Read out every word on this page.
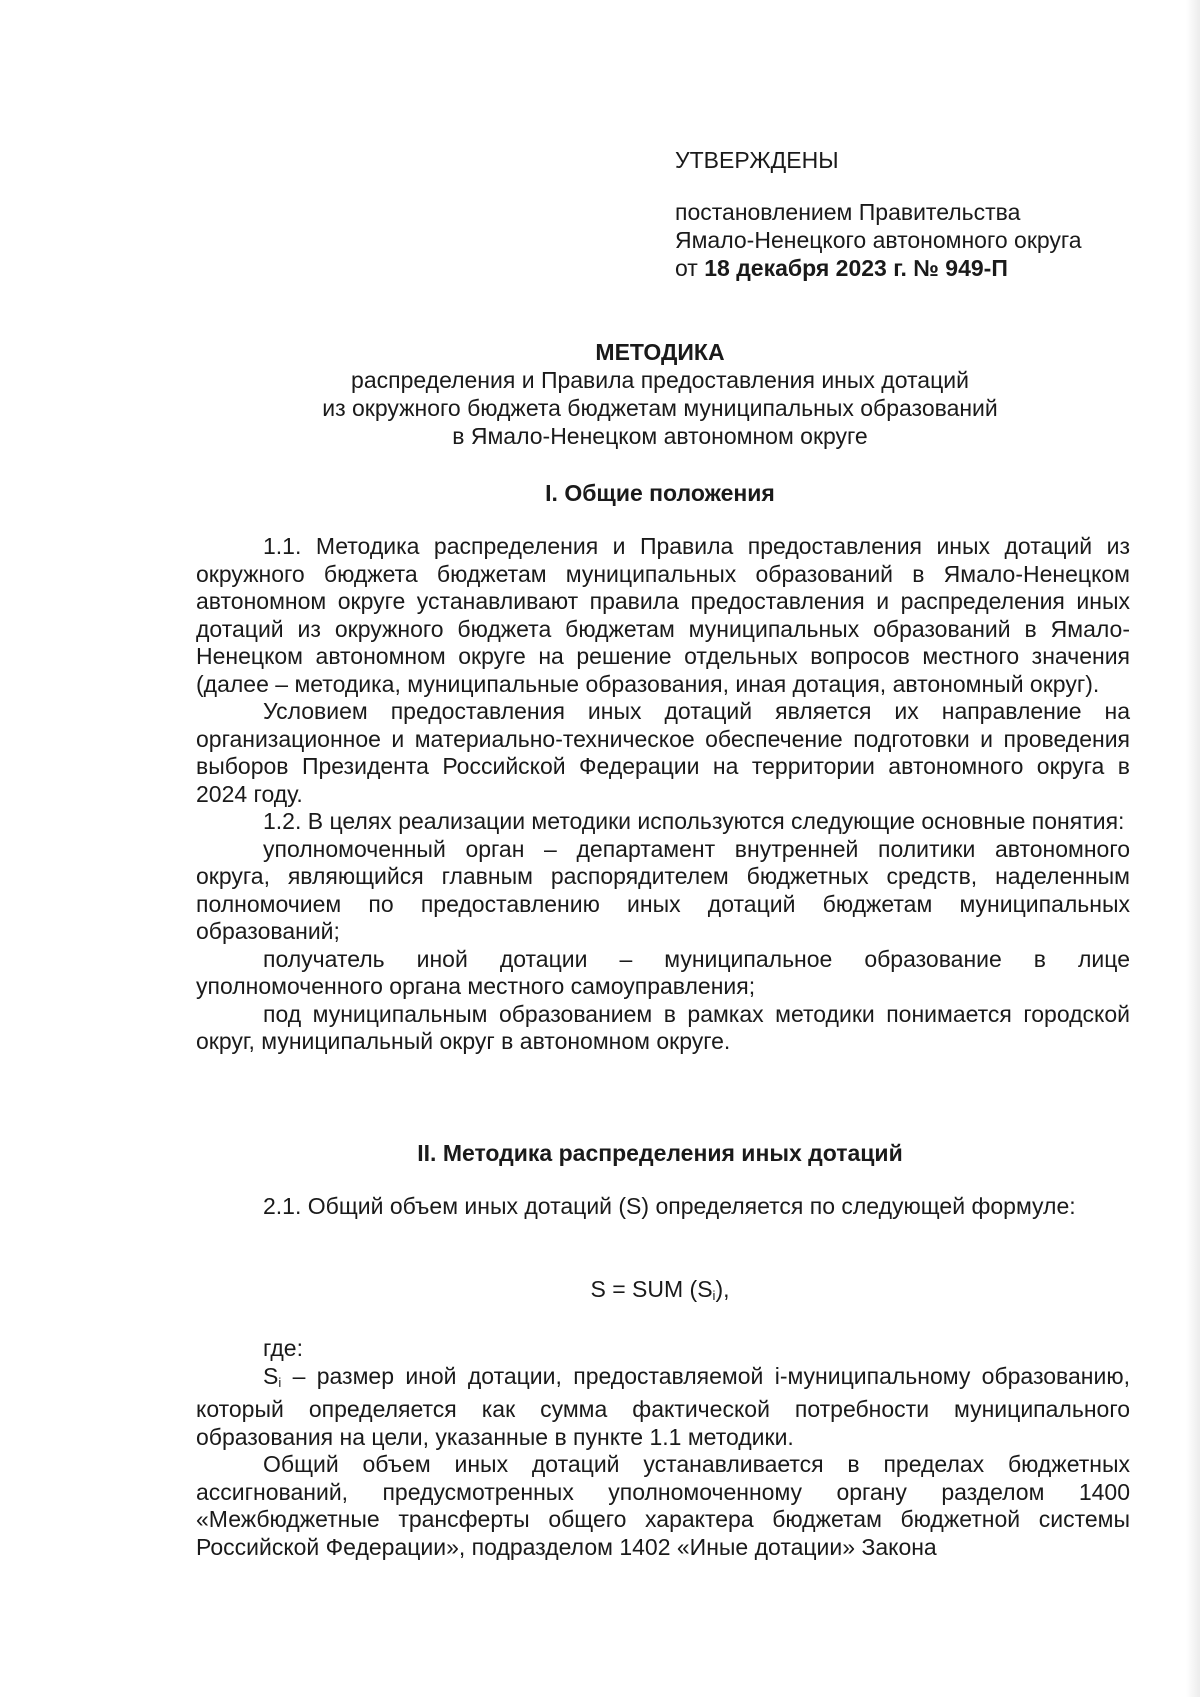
УТВЕРЖДЕНЫ
постановлением Правительства
Ямало-Ненецкого автономного округа
от 18 декабря 2023 г. № 949-П
МЕТОДИКА
распределения и Правила предоставления иных дотаций
из окружного бюджета бюджетам муниципальных образований
в Ямало-Ненецком автономном округе
I. Общие положения

1.1. Методика распределения и Правила предоставления иных дотаций из окружного бюджета бюджетам муниципальных образований в Ямало-Ненецком автономном округе устанавливают правила предоставления и распределения иных дотаций из окружного бюджета бюджетам муниципальных образований в Ямало-Ненецком автономном округе на решение отдельных вопросов местного значения (далее – методика, муниципальные образования, иная дотация, автономный округ).

Условием предоставления иных дотаций является их направление на организационное и материально-техническое обеспечение подготовки и проведения выборов Президента Российской Федерации на территории автономного округа в 2024 году.

1.2. В целях реализации методики используются следующие основные понятия:

уполномоченный орган – департамент внутренней политики автономного округа, являющийся главным распорядителем бюджетных средств, наделенным полномочием по предоставлению иных дотаций бюджетам муниципальных образований;

получатель иной дотации – муниципальное образование в лице уполномоченного органа местного самоуправления;

под муниципальным образованием в рамках методики понимается городской округ, муниципальный округ в автономном округе.

II. Методика распределения иных дотаций

2.1. Общий объем иных дотаций (S) определяется по следующей формуле:

S = SUM $(S_i)$,

где:

$S_i$ – размер иной дотации, предоставляемой i-муниципальному образованию, который определяется как сумма фактической потребности муниципального образования на цели, указанные в пункте 1.1 методики.

Общий объем иных дотаций устанавливается в пределах бюджетных ассигнований, предусмотренных уполномоченному органу разделом 1400 «Межбюджетные трансферты общего характера бюджетам бюджетной системы Российской Федерации», подразделом 1402 «Иные дотации» Закона
